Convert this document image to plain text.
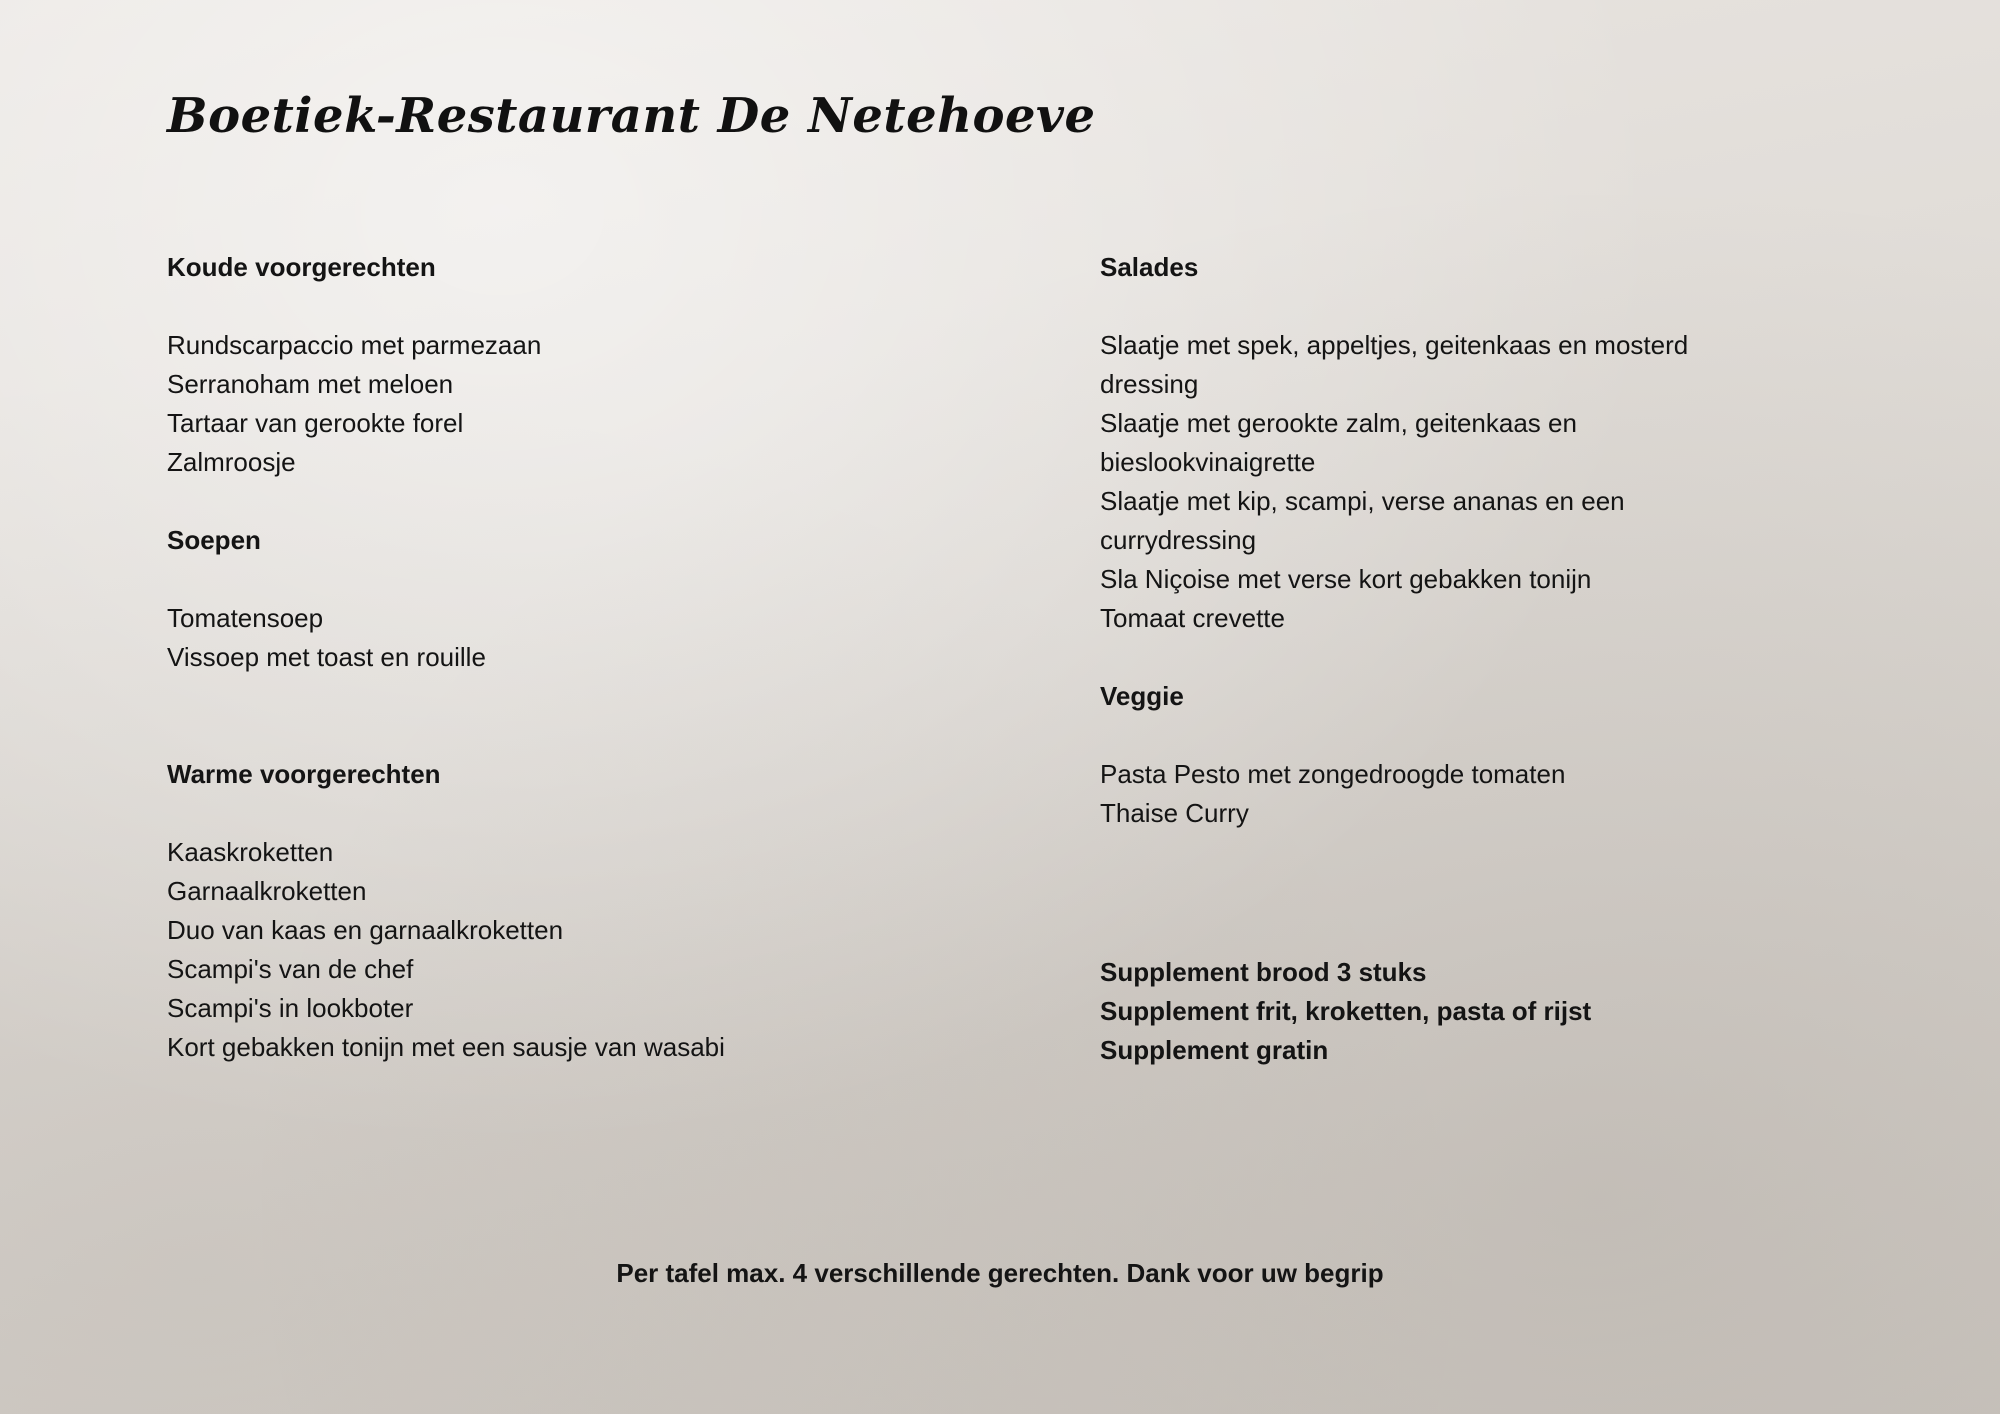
Boetiek-Restaurant De Netehoeve
Koude voorgerechten
Rundscarpaccio met parmezaan
Serranoham met meloen
Tartaar van gerookte forel
Zalmroosje
Soepen
Tomatensoep
Vissoep met toast en rouille
Warme voorgerechten
Kaaskroketten
Garnaalkroketten
Duo van kaas en garnaalkroketten
Scampi's van de chef
Scampi's in lookboter
Kort gebakken tonijn met een sausje van wasabi
Salades
Slaatje met spek, appeltjes, geitenkaas en mosterd dressing
Slaatje met gerookte zalm, geitenkaas en bieslookvinaigrette
Slaatje met kip, scampi, verse ananas en een currydressing
Sla Niçoise met verse kort gebakken tonijn
Tomaat crevette
Veggie
Pasta Pesto met zongedroogde tomaten
Thaise Curry
Supplement brood 3 stuks
Supplement frit, kroketten, pasta of rijst
Supplement gratin
Per tafel max. 4 verschillende gerechten. Dank voor uw begrip
